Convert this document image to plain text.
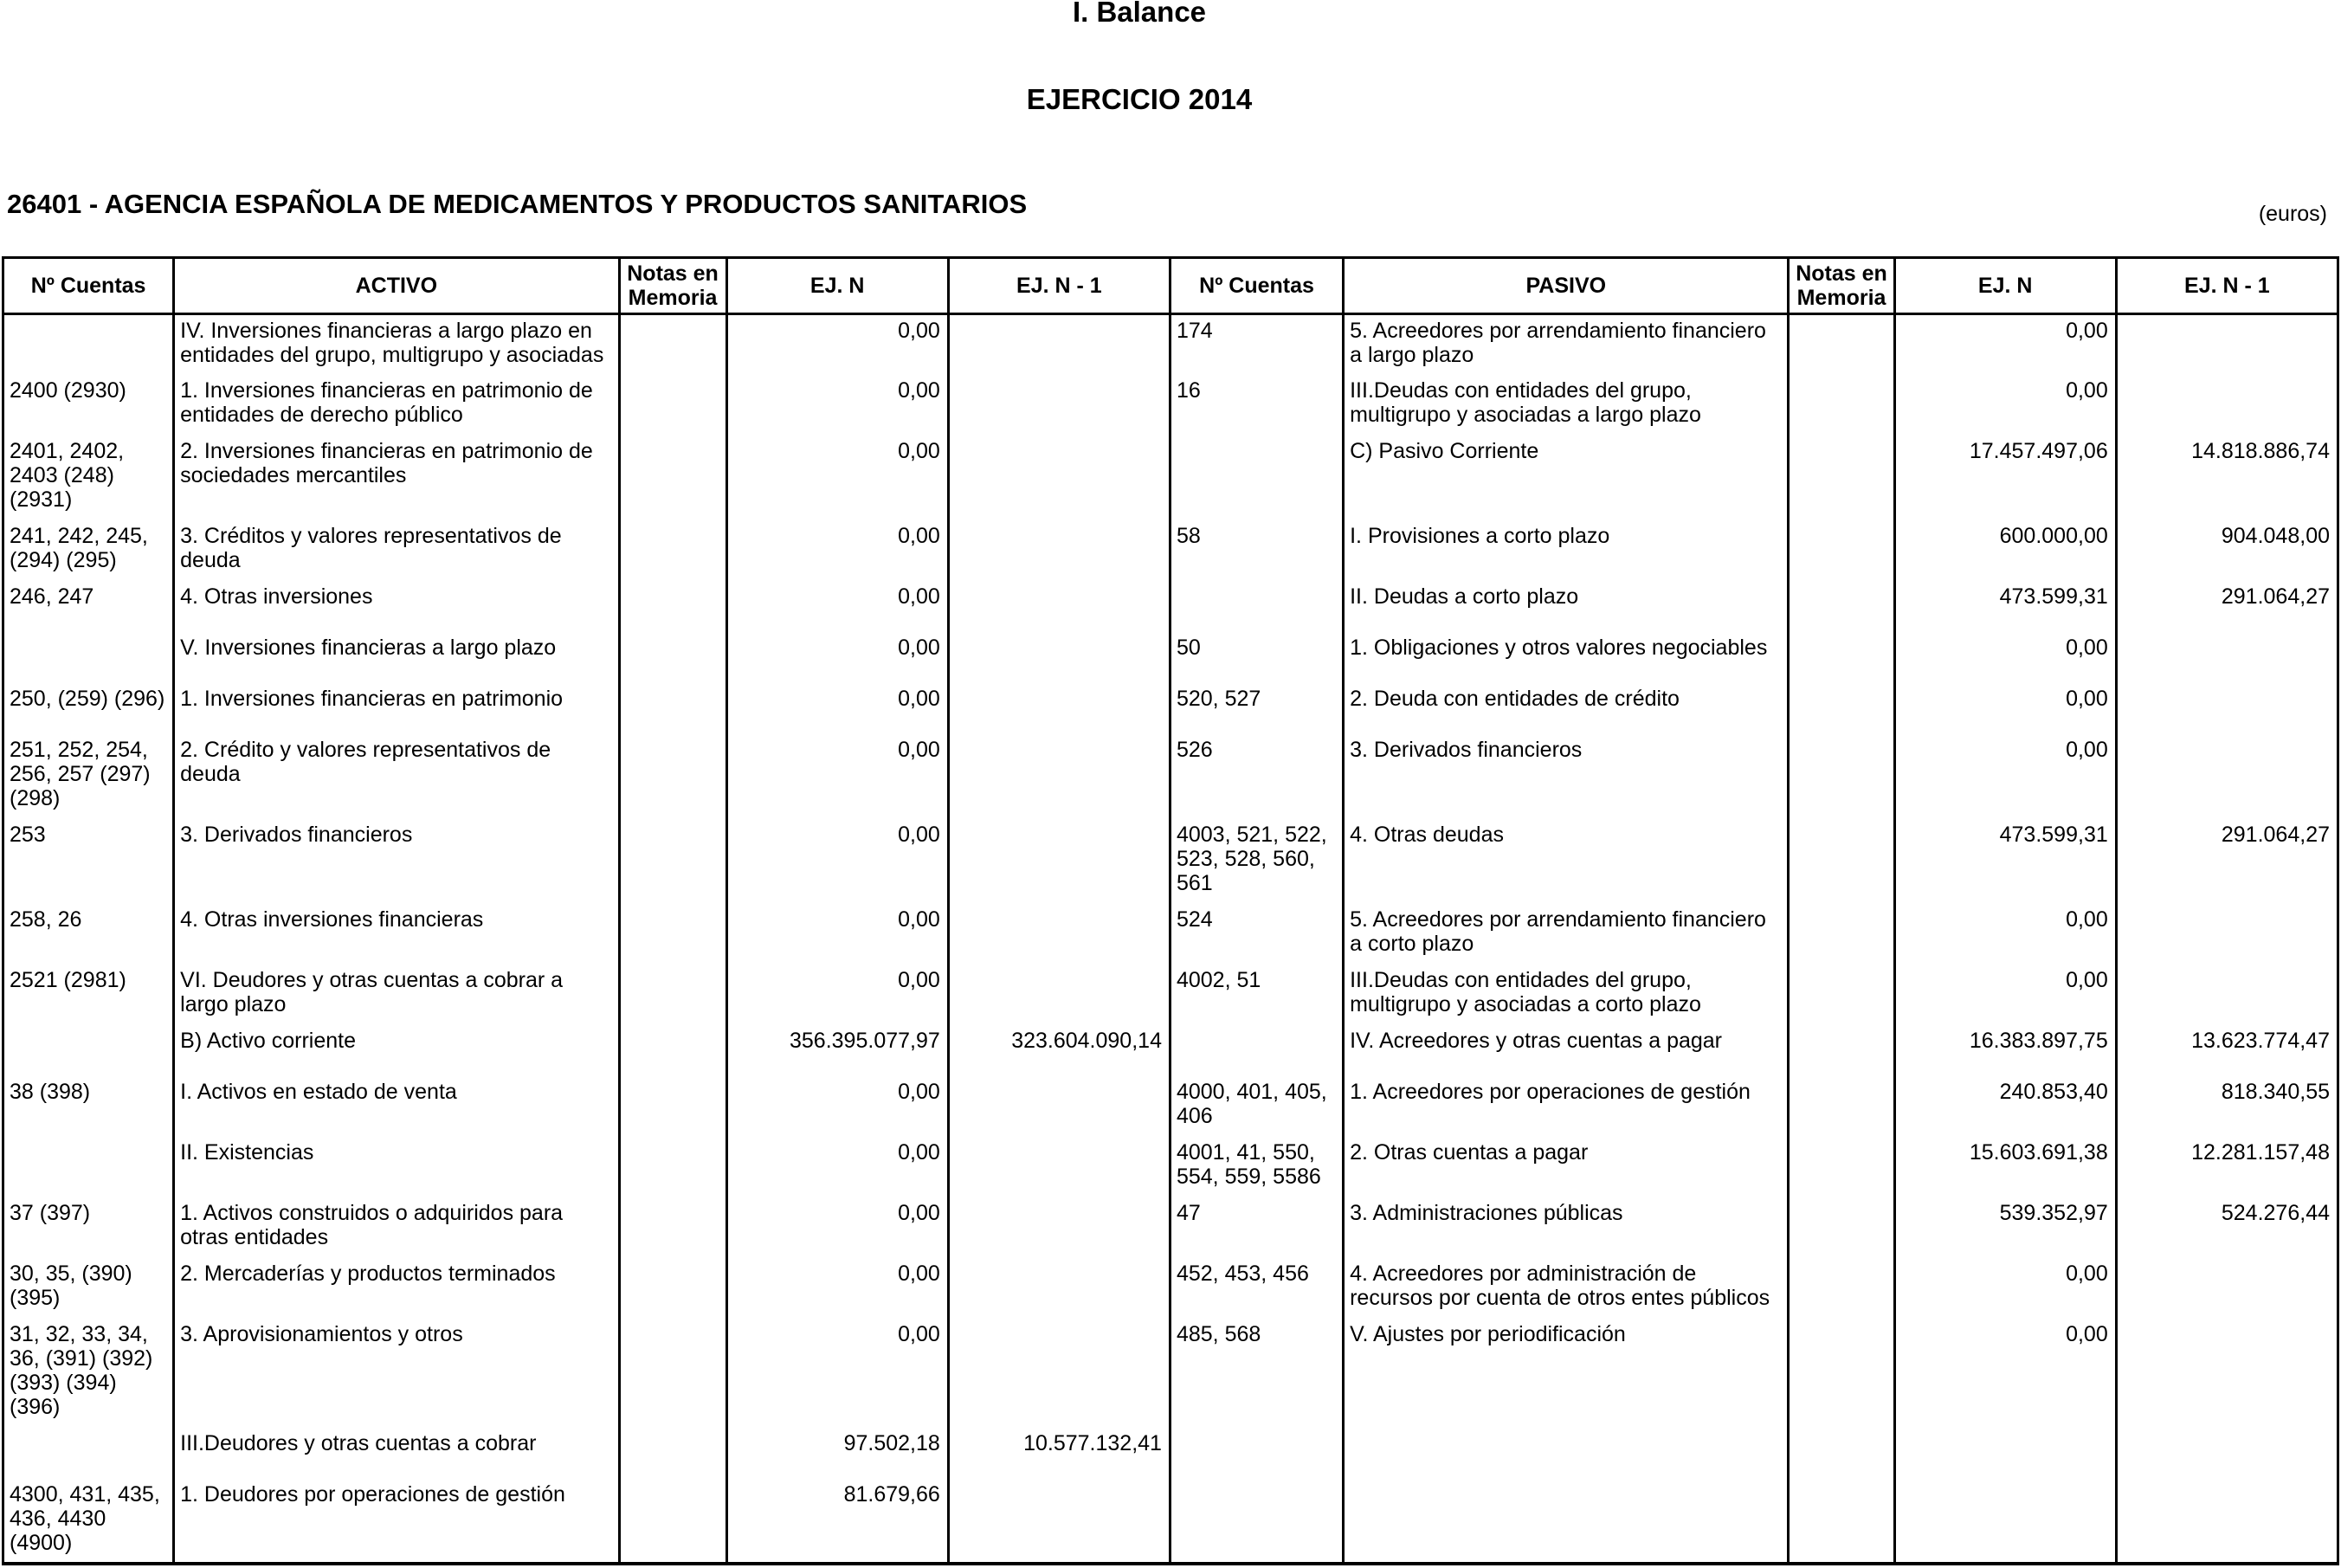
I. Balance
EJERCICIO 2014
26401 - AGENCIA ESPAÑOLA DE MEDICAMENTOS Y PRODUCTOS SANITARIOS	(euros)
Nº Cuentas	ACTIVO	Notas en Memoria	EJ. N	EJ. N - 1	Nº Cuentas	PASIVO	Notas en Memoria	EJ. N	EJ. N - 1
	IV. Inversiones financieras a largo plazo en entidades del grupo, multigrupo y asociadas		0,00		174	5. Acreedores por arrendamiento financiero a largo plazo		0,00	
2400 (2930)	1. Inversiones financieras en patrimonio de entidades de derecho público		0,00		16	III.Deudas con entidades del grupo, multigrupo y asociadas a largo plazo		0,00	
2401, 2402, 2403 (248) (2931)	2. Inversiones financieras en patrimonio de sociedades mercantiles		0,00			C) Pasivo Corriente		17.457.497,06	14.818.886,74
241, 242, 245, (294) (295)	3. Créditos y valores representativos de deuda		0,00		58	I. Provisiones a corto plazo		600.000,00	904.048,00
246, 247	4. Otras inversiones		0,00			II. Deudas a corto plazo		473.599,31	291.064,27
	V. Inversiones financieras a largo plazo		0,00		50	1. Obligaciones y otros valores negociables		0,00	
250, (259) (296)	1. Inversiones financieras en patrimonio		0,00		520, 527	2. Deuda con entidades de crédito		0,00	
251, 252, 254, 256, 257 (297) (298)	2. Crédito y valores representativos de deuda		0,00		526	3. Derivados financieros		0,00	
253	3. Derivados financieros		0,00		4003, 521, 522, 523, 528, 560, 561	4. Otras deudas		473.599,31	291.064,27
258, 26	4. Otras inversiones financieras		0,00		524	5. Acreedores por arrendamiento financiero a corto plazo		0,00	
2521 (2981)	VI. Deudores y otras cuentas a cobrar a largo plazo		0,00		4002, 51	III.Deudas con entidades del grupo, multigrupo y asociadas a corto plazo		0,00	
	B) Activo corriente		356.395.077,97	323.604.090,14		IV. Acreedores y otras cuentas a pagar		16.383.897,75	13.623.774,47
38 (398)	I. Activos en estado de venta		0,00		4000, 401, 405, 406	1. Acreedores por operaciones de gestión		240.853,40	818.340,55
	II. Existencias		0,00		4001, 41, 550, 554, 559, 5586	2. Otras cuentas a pagar		15.603.691,38	12.281.157,48
37 (397)	1. Activos construidos o adquiridos para otras entidades		0,00		47	3. Administraciones públicas		539.352,97	524.276,44
30, 35, (390) (395)	2. Mercaderías y productos terminados		0,00		452, 453, 456	4. Acreedores por administración de recursos por cuenta de otros entes públicos		0,00	
31, 32, 33, 34, 36, (391) (392) (393) (394) (396)	3. Aprovisionamientos y otros		0,00		485, 568	V. Ajustes por periodificación		0,00	
	III.Deudores y otras cuentas a cobrar		97.502,18	10.577.132,41					
4300, 431, 435, 436, 4430 (4900)	1. Deudores por operaciones de gestión		81.679,66						
